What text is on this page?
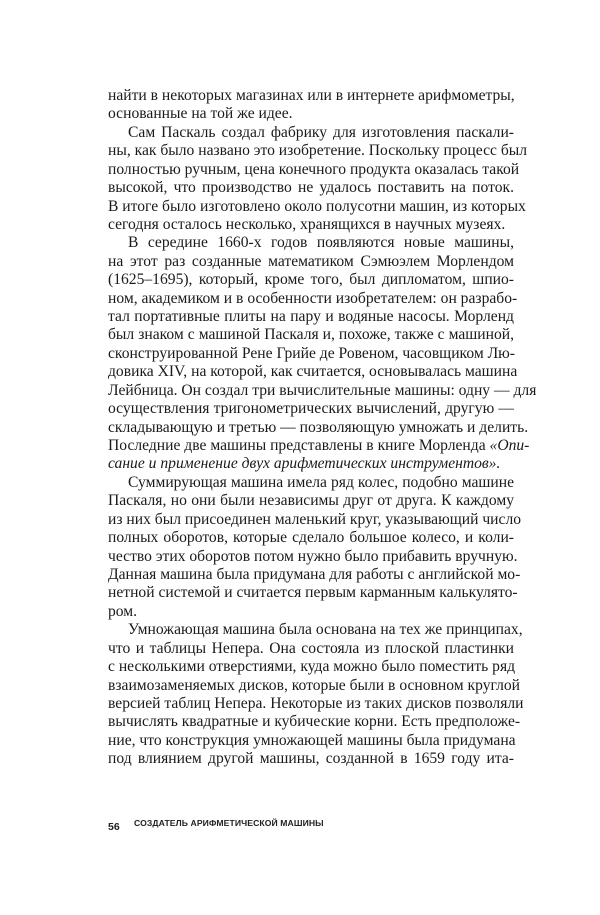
найти в некоторых магазинах или в интернете арифмометры,
основанные на той же идее.

Сам Паскаль создал фабрику для изготовления паскали-
ны, как было названо это изобретение. Поскольку процесс был
полностью ручным, цена конечного продукта оказалась такой
высокой, что производство не удалось поставить на поток.
В итоге было изготовлено около полусотни машин, из которых
сегодня осталось несколько, хранящихся в научных музеях.

В середине 1660-х годов появляются новые машины,
на этот раз созданные математиком Сэмюэлем Морлендом
(1625–1695), который, кроме того, был дипломатом, шпио-
ном, академиком и в особенности изобретателем: он разрабо-
тал портативные плиты на пару и водяные насосы. Морленд
был знаком с машиной Паскаля и, похоже, также с машиной,
сконструированной Рене Грийе де Ровеном, часовщиком Лю-
довика XIV, на которой, как считается, основывалась машина
Лейбница. Он создал три вычислительные машины: одну — для
осуществления тригонометрических вычислений, другую —
складывающую и третью — позволяющую умножать и делить.
Последние две машины представлены в книге Морленда «Опи-
сание и применение двух арифметических инструментов».

Суммирующая машина имела ряд колес, подобно машине
Паскаля, но они были независимы друг от друга. К каждому
из них был присоединен маленький круг, указывающий число
полных оборотов, которые сделало большое колесо, и коли-
чество этих оборотов потом нужно было прибавить вручную.
Данная машина была придумана для работы с английской мо-
нетной системой и считается первым карманным калькулято-
ром.

Умножающая машина была основана на тех же принципах,
что и таблицы Непера. Она состояла из плоской пластинки
с несколькими отверстиями, куда можно было поместить ряд
взаимозаменяемых дисков, которые были в основном круглой
версией таблиц Непера. Некоторые из таких дисков позволяли
вычислять квадратные и кубические корни. Есть предположе-
ние, что конструкция умножающей машины была придумана
под влиянием другой машины, созданной в 1659 году ита-

56 СОЗДАТЕЛЬ АРИФМЕТИЧЕСКОЙ МАШИНЫ
